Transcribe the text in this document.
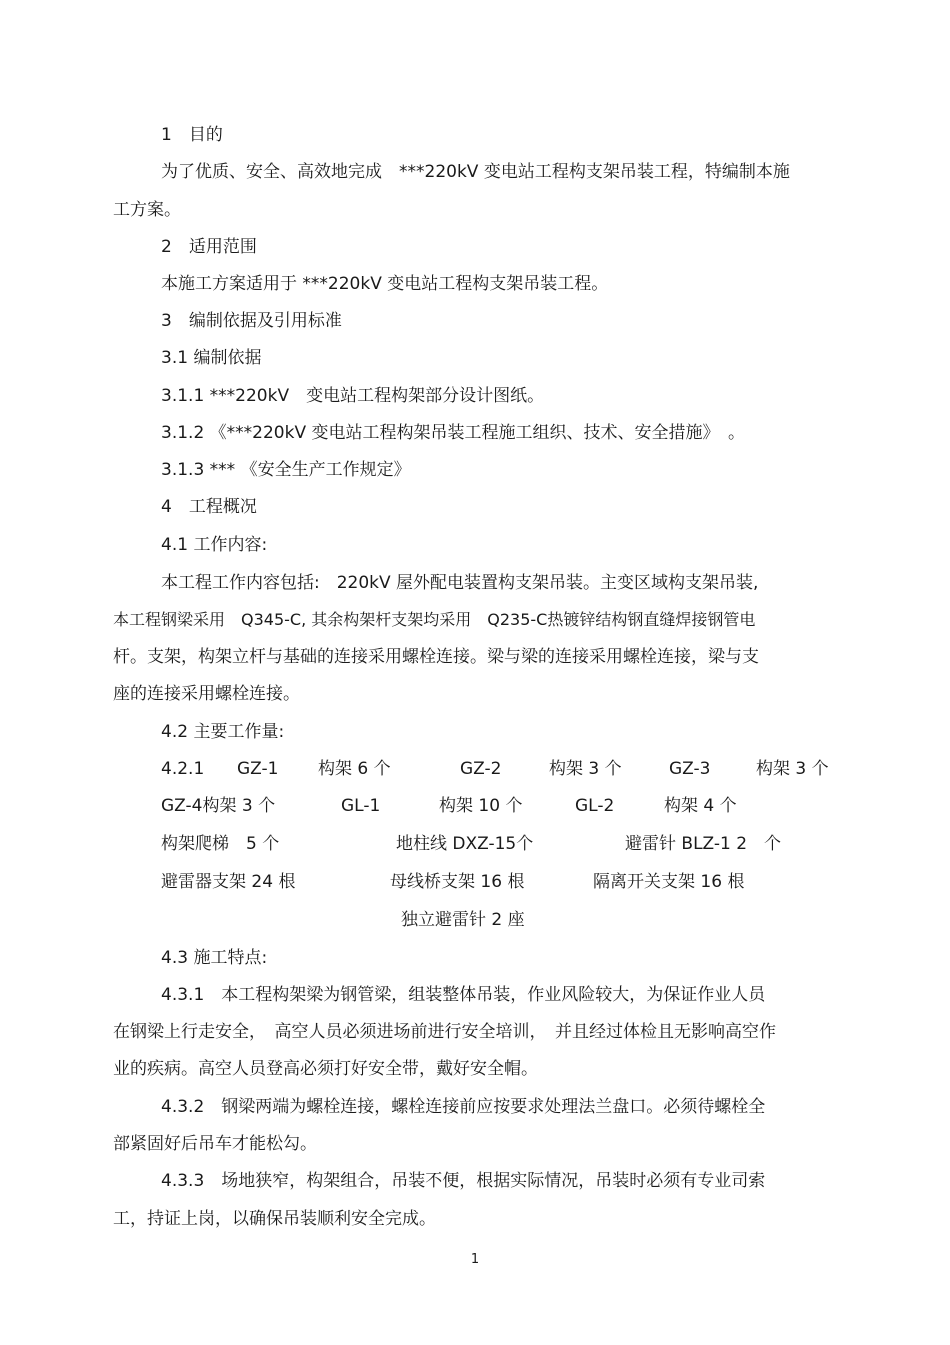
1　目的
为了优质、安全、高效地完成　***220kV 变电站工程构支架吊装工程，特编制本施
工方案。
2　适用范围
本施工方案适用于 ***220kV 变电站工程构支架吊装工程。
3　编制依据及引用标准
3.1 编制依据
3.1.1 ***220kV　变电站工程构架部分设计图纸。
3.1.2 《***220kV 变电站工程构架吊装工程施工组织、技术、安全措施》　。
3.1.3 *** 《安全生产工作规定》
4　工程概况
4.1 工作内容:
本工程工作内容包括:　220kV 屋外配电装置构支架吊装。主变区域构支架吊装,
本工程钢梁采用　Q345-C, 其余构架杆支架均采用　Q235-C热镀锌结构钢直缝焊接钢管电
杆。支架，构架立杆与基础的连接采用螺栓连接。梁与梁的连接采用螺栓连接，梁与支
座的连接采用螺栓连接。
4.2 主要工作量:
4.2.1 GZ-1 构架 6 个	GZ-2	构架 3 个	GZ-3	构架 3 个
GZ-4构架 3 个	GL-1	构架 10 个	GL-2	构架 4 个
构架爬梯　5 个	地柱线 DXZ-15个	避雷针 BLZ-1 2　个
避雷器支架 24 根	母线桥支架 16 根	隔离开关支架 16 根
独立避雷针 2 座
4.3 施工特点:
4.3.1　本工程构架梁为钢管梁，组装整体吊装，作业风险较大，为保证作业人员
在钢梁上行走安全，　高空人员必须进场前进行安全培训，　并且经过体检且无影响高空作
业的疾病。高空人员登高必须打好安全带，戴好安全帽。
4.3.2　钢梁两端为螺栓连接，螺栓连接前应按要求处理法兰盘口。必须待螺栓全
部紧固好后吊车才能松勾。
4.3.3　场地狭窄，构架组合，吊装不便，根据实际情况，吊装时必须有专业司索
工，持证上岗，以确保吊装顺利安全完成。
1
